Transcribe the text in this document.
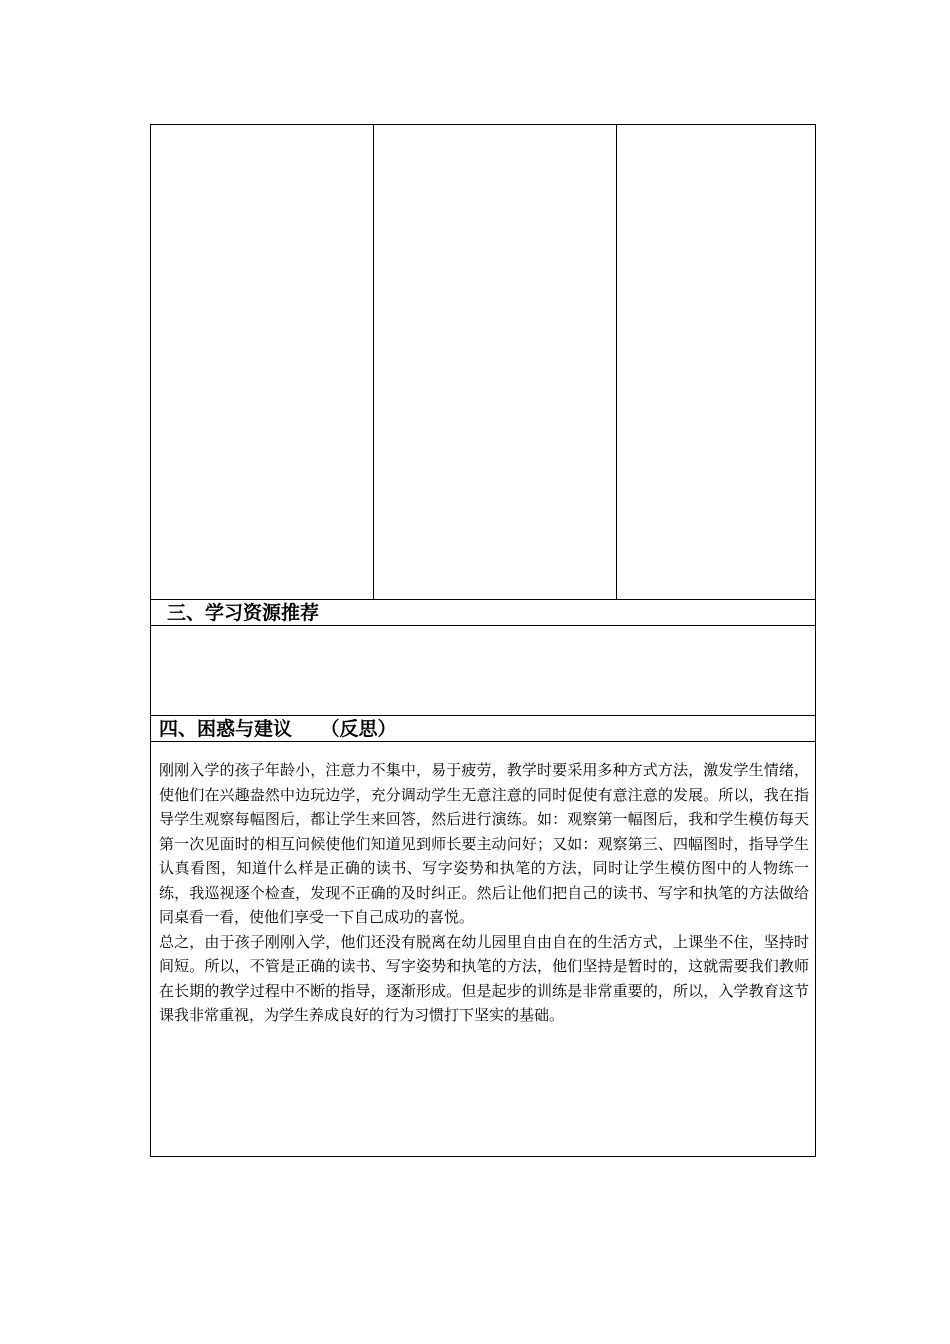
三、学习资源推荐
四、困惑与建议　　（反思）

刚刚入学的孩子年龄小，注意力不集中，易于疲劳，教学时要采用多种方式方法，激发学生情绪，使他们在兴趣盎然中边玩边学，充分调动学生无意注意的同时促使有意注意的发展。所以，我在指导学生观察每幅图后，都让学生来回答，然后进行演练。如：观察第一幅图后，我和学生模仿每天第一次见面时的相互问候使他们知道见到师长要主动问好；又如：观察第三、四幅图时，指导学生认真看图，知道什么样是正确的读书、写字姿势和执笔的方法，同时让学生模仿图中的人物练一练，我巡视逐个检查，发现不正确的及时纠正。然后让他们把自己的读书、写字和执笔的方法做给同桌看一看，使他们享受一下自己成功的喜悦。

总之，由于孩子刚刚入学，他们还没有脱离在幼儿园里自由自在的生活方式，上课坐不住，坚持时间短。所以，不管是正确的读书、写字姿势和执笔的方法，他们坚持是暂时的，这就需要我们教师在长期的教学过程中不断的指导，逐渐形成。但是起步的训练是非常重要的，所以，入学教育这节课我非常重视，为学生养成良好的行为习惯打下坚实的基础。
